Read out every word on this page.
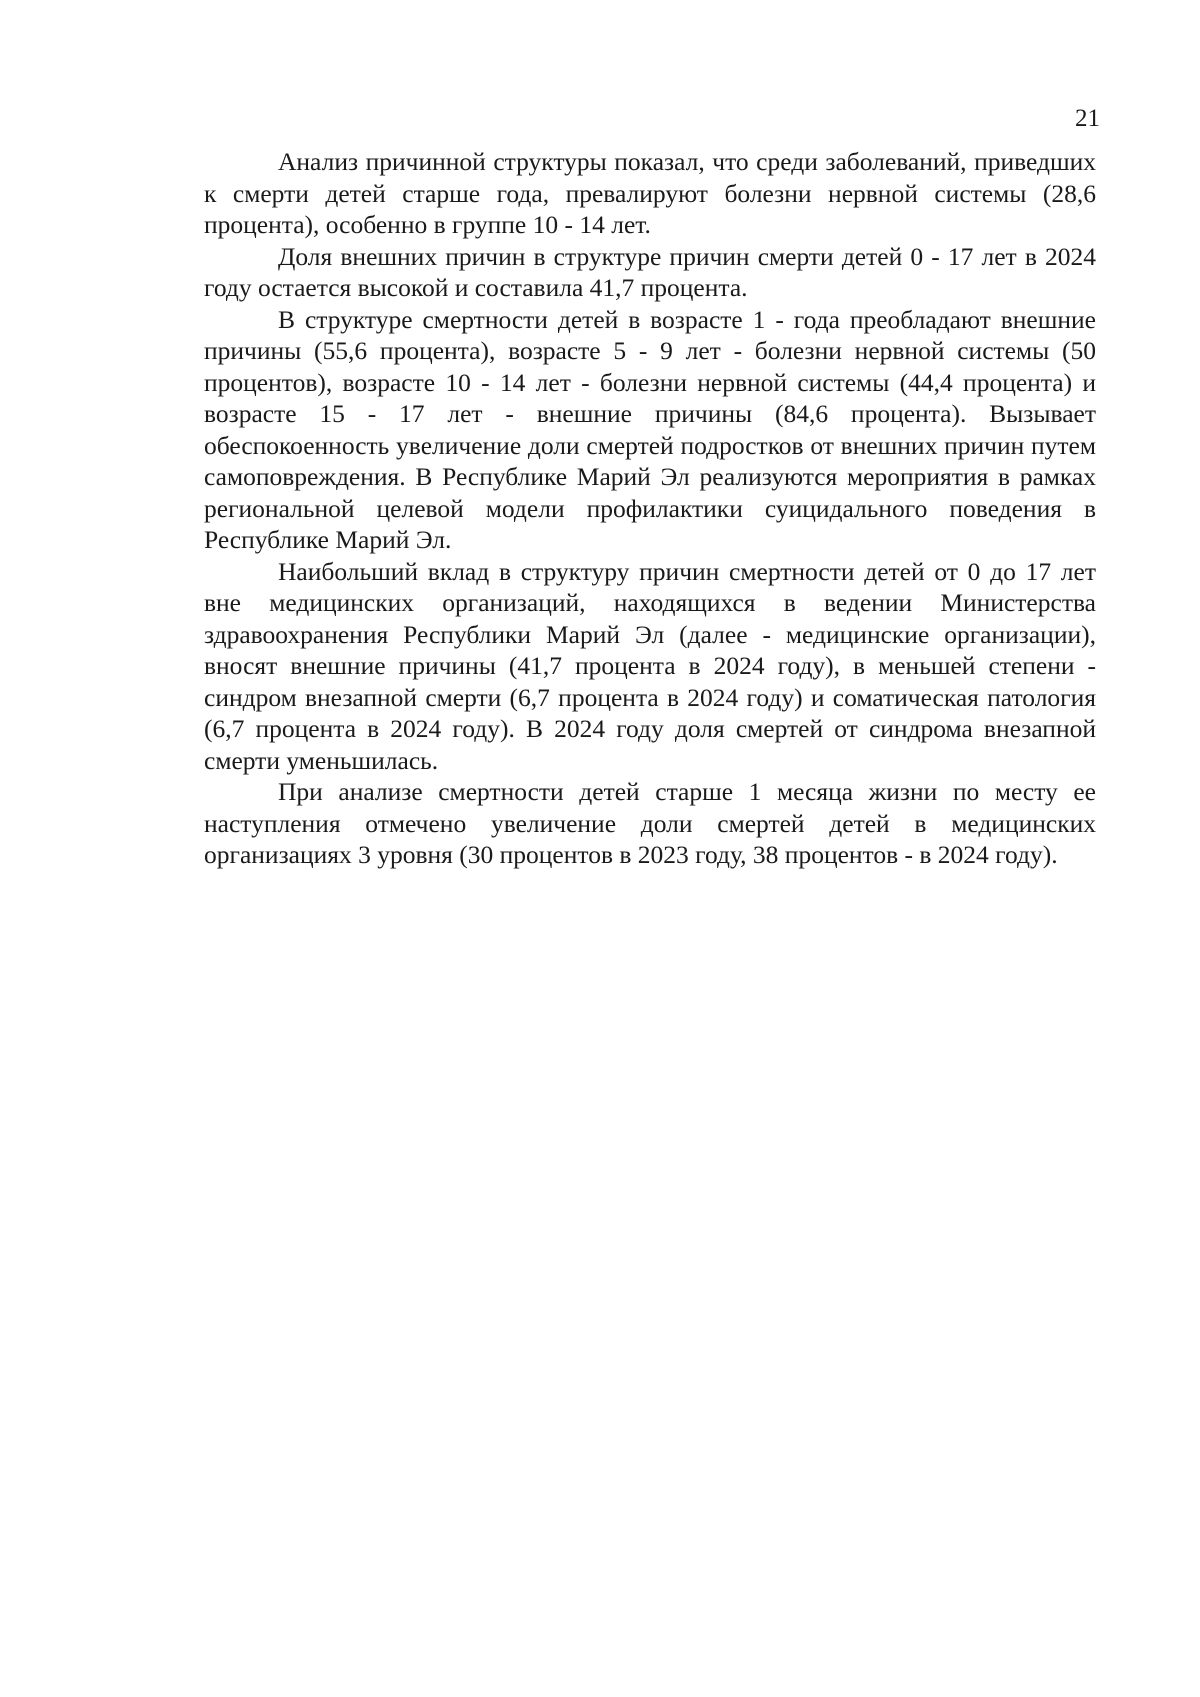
21

Анализ причинной структуры показал, что среди заболеваний, приведших к смерти детей старше года, превалируют болезни нервной системы (28,6 процента), особенно в группе 10 - 14 лет.

Доля внешних причин в структуре причин смерти детей 0 - 17 лет в 2024 году остается высокой и составила 41,7 процента.

В структуре смертности детей в возрасте 1 - года преобладают внешние причины (55,6 процента), возрасте 5 - 9 лет - болезни нервной системы (50 процентов), возрасте 10 - 14 лет - болезни нервной системы (44,4 процента) и возрасте 15 - 17 лет - внешние причины (84,6 процента). Вызывает обеспокоенность увеличение доли смертей подростков от внешних причин путем самоповреждения. В Республике Марий Эл реализуются мероприятия в рамках региональной целевой модели профилактики суицидального поведения в Республике Марий Эл.

Наибольший вклад в структуру причин смертности детей от 0 до 17 лет вне медицинских организаций, находящихся в ведении Министерства здравоохранения Республики Марий Эл (далее - медицинские организации), вносят внешние причины (41,7 процента в 2024 году), в меньшей степени - синдром внезапной смерти (6,7 процента в 2024 году) и соматическая патология (6,7 процента в 2024 году). В 2024 году доля смертей от синдрома внезапной смерти уменьшилась.

При анализе смертности детей старше 1 месяца жизни по месту ее наступления отмечено увеличение доли смертей детей в медицинских организациях 3 уровня (30 процентов в 2023 году, 38 процентов - в 2024 году).
